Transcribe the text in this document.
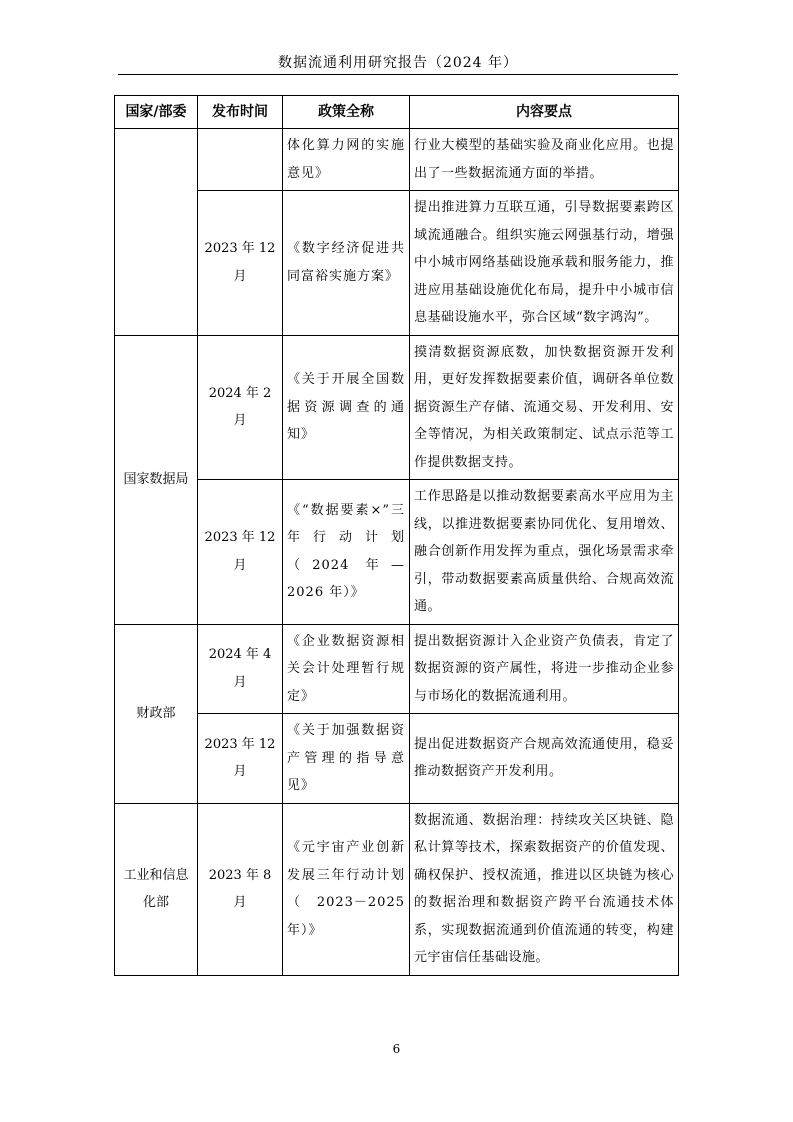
数据流通利用研究报告（2024 年）
国家/部委	发布时间	政策全称	内容要点
		体化算力网的实施意见》	行业大模型的基础实验及商业化应用。也提出了一些数据流通方面的举措。
	2023 年 12 月	《数字经济促进共同富裕实施方案》	提出推进算力互联互通，引导数据要素跨区域流通融合。组织实施云网强基行动，增强中小城市网络基础设施承载和服务能力，推进应用基础设施优化布局，提升中小城市信息基础设施水平，弥合区域“数字鸿沟”。
国家数据局	2024 年 2 月	《关于开展全国数据资源调查的通知》	摸清数据资源底数，加快数据资源开发利用，更好发挥数据要素价值，调研各单位数据资源生产存储、流通交易、开发利用、安全等情况，为相关政策制定、试点示范等工作提供数据支持。
	2023 年 12 月	《“数据要素×”三年行动计划（2024 年—2026 年）》	工作思路是以推动数据要素高水平应用为主线，以推进数据要素协同优化、复用增效、融合创新作用发挥为重点，强化场景需求牵引，带动数据要素高质量供给、合规高效流通。
财政部	2024 年 4 月	《企业数据资源相关会计处理暂行规定》	提出数据资源计入企业资产负债表，肯定了数据资源的资产属性，将进一步推动企业参与市场化的数据流通利用。
	2023 年 12 月	《关于加强数据资产管理的指导意见》	提出促进数据资产合规高效流通使用，稳妥推动数据资产开发利用。
工业和信息化部	2023 年 8 月	《元宇宙产业创新发展三年行动计划（2023－2025 年）》	数据流通、数据治理：持续攻关区块链、隐私计算等技术，探索数据资产的价值发现、确权保护、授权流通，推进以区块链为核心的数据治理和数据资产跨平台流通技术体系，实现数据流通到价值流通的转变，构建元宇宙信任基础设施。
6
